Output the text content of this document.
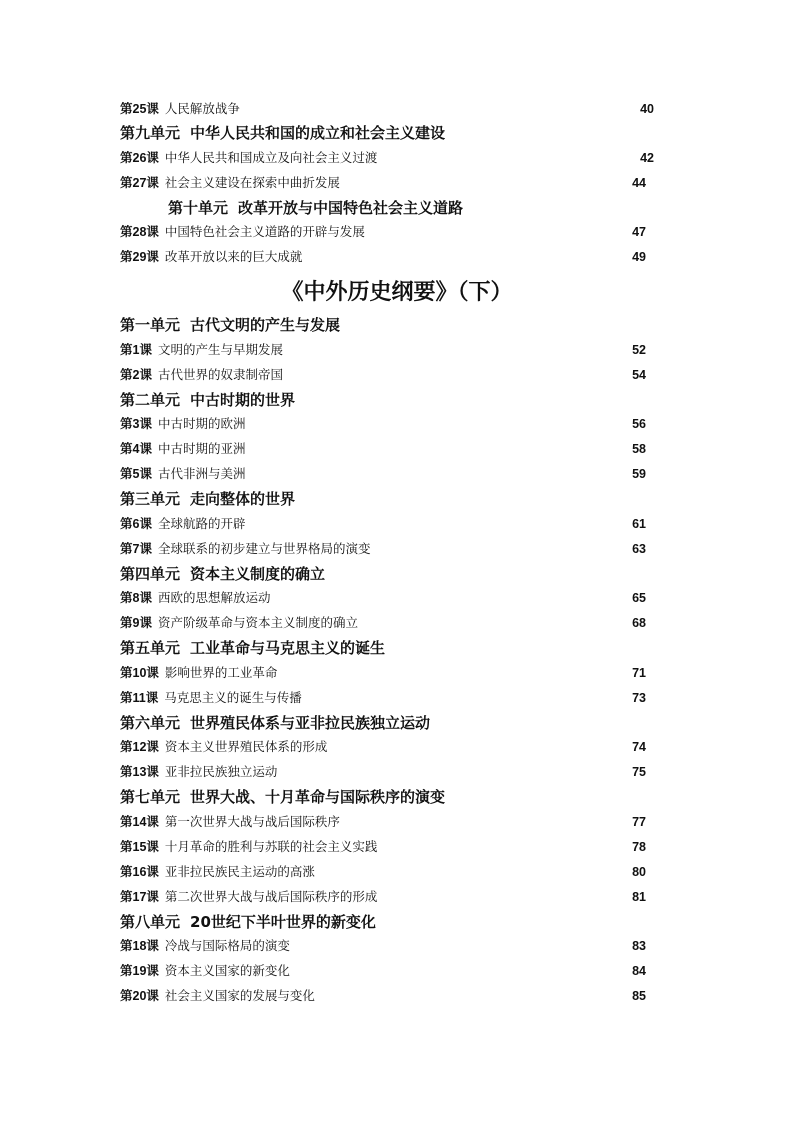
第25课 人民解放战争	40
第九单元 中华人民共和国的成立和社会主义建设
第26课 中华人民共和国成立及向社会主义过渡	42
第27课 社会主义建设在探索中曲折发展	44
第十单元 改革开放与中国特色社会主义道路
第28课 中国特色社会主义道路的开辟与发展	47
第29课 改革开放以来的巨大成就	49
《中外历史纲要》（下）
第一单元 古代文明的产生与发展
第1课 文明的产生与早期发展	52
第2课 古代世界的奴隶制帝国	54
第二单元 中古时期的世界
第3课 中古时期的欧洲	56
第4课 中古时期的亚洲	58
第5课 古代非洲与美洲	59
第三单元 走向整体的世界
第6课 全球航路的开辟	61
第7课 全球联系的初步建立与世界格局的演变	63
第四单元 资本主义制度的确立
第8课 西欧的思想解放运动	65
第9课 资产阶级革命与资本主义制度的确立	68
第五单元 工业革命与马克思主义的诞生
第10课 影响世界的工业革命	71
第11课 马克思主义的诞生与传播	73
第六单元 世界殖民体系与亚非拉民族独立运动
第12课 资本主义世界殖民体系的形成	74
第13课 亚非拉民族独立运动	75
第七单元 世界大战、十月革命与国际秩序的演变
第14课 第一次世界大战与战后国际秩序	77
第15课 十月革命的胜利与苏联的社会主义实践	78
第16课 亚非拉民族民主运动的高涨	80
第17课 第二次世界大战与战后国际秩序的形成	81
第八单元 20世纪下半叶世界的新变化
第18课 冷战与国际格局的演变	83
第19课 资本主义国家的新变化	84
第20课 社会主义国家的发展与变化	85
